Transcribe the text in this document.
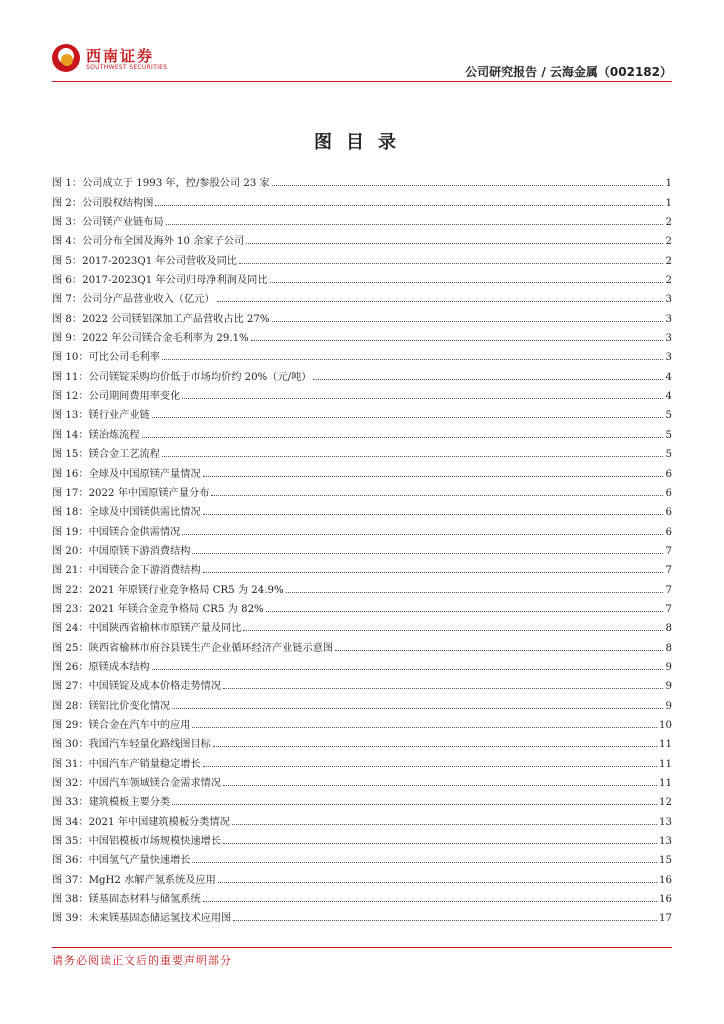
西南证券
SOUTHWEST SECURITIES	公司研究报告 / 云海金属（002182）
图目录
图 1：公司成立于 1993 年，控/参股公司 23 家	1
图 2：公司股权结构图	1
图 3：公司镁产业链布局	2
图 4：公司分布全国及海外 10 余家子公司	2
图 5：2017-2023Q1 年公司营收及同比	2
图 6：2017-2023Q1 年公司归母净利润及同比	2
图 7：公司分产品营业收入（亿元）	3
图 8：2022 公司镁铝深加工产品营收占比 27%	3
图 9：2022 年公司镁合金毛利率为 29.1%	3
图 10：可比公司毛利率	3
图 11：公司镁锭采购均价低于市场均价约 20%（元/吨）	4
图 12：公司期间费用率变化	4
图 13：镁行业产业链	5
图 14：镁冶炼流程	5
图 15：镁合金工艺流程	5
图 16：全球及中国原镁产量情况	6
图 17：2022 年中国原镁产量分布	6
图 18：全球及中国镁供需比情况	6
图 19：中国镁合金供需情况	6
图 20：中国原镁下游消费结构	7
图 21：中国镁合金下游消费结构	7
图 22：2021 年原镁行业竞争格局 CR5 为 24.9%	7
图 23：2021 年镁合金竞争格局 CR5 为 82%	7
图 24：中国陕西省榆林市原镁产量及同比	8
图 25：陕西省榆林市府谷县镁生产企业循环经济产业链示意图	8
图 26：原镁成本结构	9
图 27：中国镁锭及成本价格走势情况	9
图 28：镁铝比价变化情况	9
图 29：镁合金在汽车中的应用	10
图 30：我国汽车轻量化路线图目标	11
图 31：中国汽车产销量稳定增长	11
图 32：中国汽车领域镁合金需求情况	11
图 33：建筑模板主要分类	12
图 34：2021 年中国建筑模板分类情况	13
图 35：中国铝模板市场规模快速增长	13
图 36：中国氢气产量快速增长	15
图 37：MgH2 水解产氢系统及应用	16
图 38：镁基固态材料与储氢系统	16
图 39：未来镁基固态储运氢技术应用图	17
请务必阅读正文后的重要声明部分
